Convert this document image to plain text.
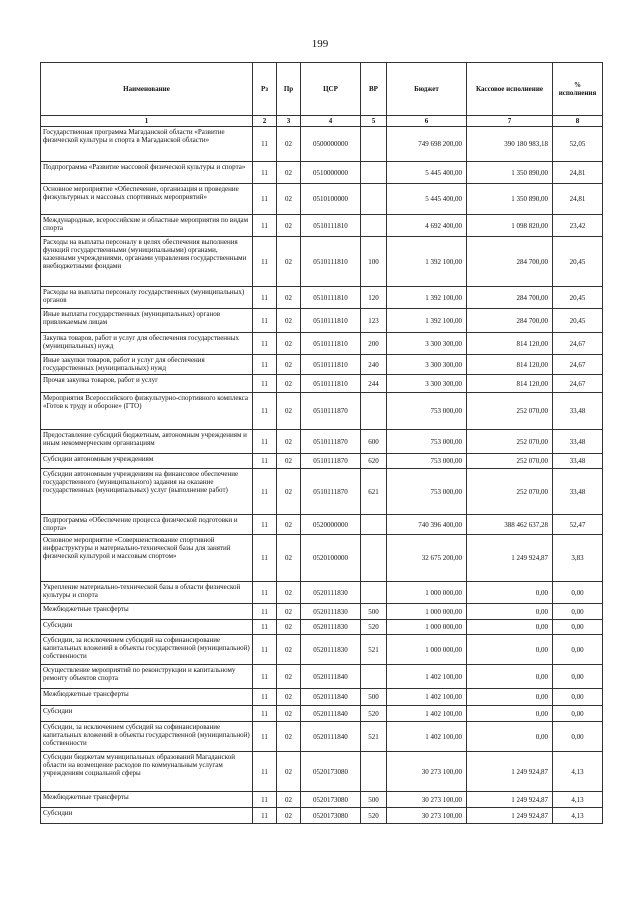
199
Наименование	Рз	Пр	ЦСР	ВР	Бюджет	Кассовое исполнение	% исполнения
1	2	3	4	5	6	7	8
Государственная программа Магаданской области «Развитие физической культуры и спорта в Магаданской области»	11	02	0500000000		749 698 200,00	390 180 983,18	52,05
Подпрограмма «Развитие массовой физической культуры и спорта»	11	02	0510000000		5 445 400,00	1 350 890,00	24,81
Основное мероприятие «Обеспечение, организация и проведение физкультурных и массовых спортивных мероприятий»	11	02	0510100000		5 445 400,00	1 350 890,00	24,81
Международные, всероссийские и областные мероприятия по видам спорта	11	02	0510111810		4 692 400,00	1 098 820,00	23,42
Расходы на выплаты персоналу в целях обеспечения выполнения функций государственными (муниципальными) органами, казенными учреждениями, органами управления государственными внебюджетными фондами	11	02	0510111810	100	1 392 100,00	284 700,00	20,45
Расходы на выплаты персоналу государственных (муниципальных) органов	11	02	0510111810	120	1 392 100,00	284 700,00	20,45
Иные выплаты государственных (муниципальных) органов привлекаемым лицам	11	02	0510111810	123	1 392 100,00	284 700,00	20,45
Закупка товаров, работ и услуг для обеспечения государственных (муниципальных) нужд	11	02	0510111810	200	3 300 300,00	814 120,00	24,67
Иные закупки товаров, работ и услуг для обеспечения государственных (муниципальных) нужд	11	02	0510111810	240	3 300 300,00	814 120,00	24,67
Прочая закупка товаров, работ и услуг	11	02	0510111810	244	3 300 300,00	814 120,00	24,67
Мероприятия Всероссийского физкультурно-спортивного комплекса «Готов к труду и обороне» (ГТО)	11	02	0510111870		753 000,00	252 070,00	33,48
Предоставление субсидий бюджетным, автономным учреждениям и иным некоммерческим организациям	11	02	0510111870	600	753 000,00	252 070,00	33,48
Субсидии автономным учреждениям	11	02	0510111870	620	753 000,00	252 070,00	33,48
Субсидии автономным учреждениям на финансовое обеспечение государственного (муниципального) задания на оказание государственных (муниципальных) услуг (выполнение работ)	11	02	0510111870	621	753 000,00	252 070,00	33,48
Подпрограмма «Обеспечение процесса физической подготовки и спорта»	11	02	0520000000		740 396 400,00	388 462 637,28	52,47
Основное мероприятие «Совершенствование спортивной инфраструктуры и материально-технической базы для занятий физической культурой и массовым спортом»	11	02	0520100000		32 675 200,00	1 249 924,87	3,83
Укрепление материально-технической базы в области физической культуры и спорта	11	02	0520111830		1 000 000,00	0,00	0,00
Межбюджетные трансферты	11	02	0520111830	500	1 000 000,00	0,00	0,00
Субсидии	11	02	0520111830	520	1 000 000,00	0,00	0,00
Субсидии, за исключением субсидий на софинансирование капитальных вложений в объекты государственной (муниципальной) собственности	11	02	0520111830	521	1 000 000,00	0,00	0,00
Осуществление мероприятий по реконструкции и капитальному ремонту объектов спорта	11	02	0520111840		1 402 100,00	0,00	0,00
Межбюджетные трансферты	11	02	0520111840	500	1 402 100,00	0,00	0,00
Субсидии	11	02	0520111840	520	1 402 100,00	0,00	0,00
Субсидии, за исключением субсидий на софинансирование капитальных вложений в объекты государственной (муниципальной) собственности	11	02	0520111840	521	1 402 100,00	0,00	0,00
Субсидии бюджетам муниципальных образований Магаданской области на возмещение расходов по коммунальным услугам учреждениям социальной сферы	11	02	0520173080		30 273 100,00	1 249 924,87	4,13
Межбюджетные трансферты	11	02	0520173080	500	30 273 100,00	1 249 924,87	4,13
Субсидии	11	02	0520173080	520	30 273 100,00	1 249 924,87	4,13
